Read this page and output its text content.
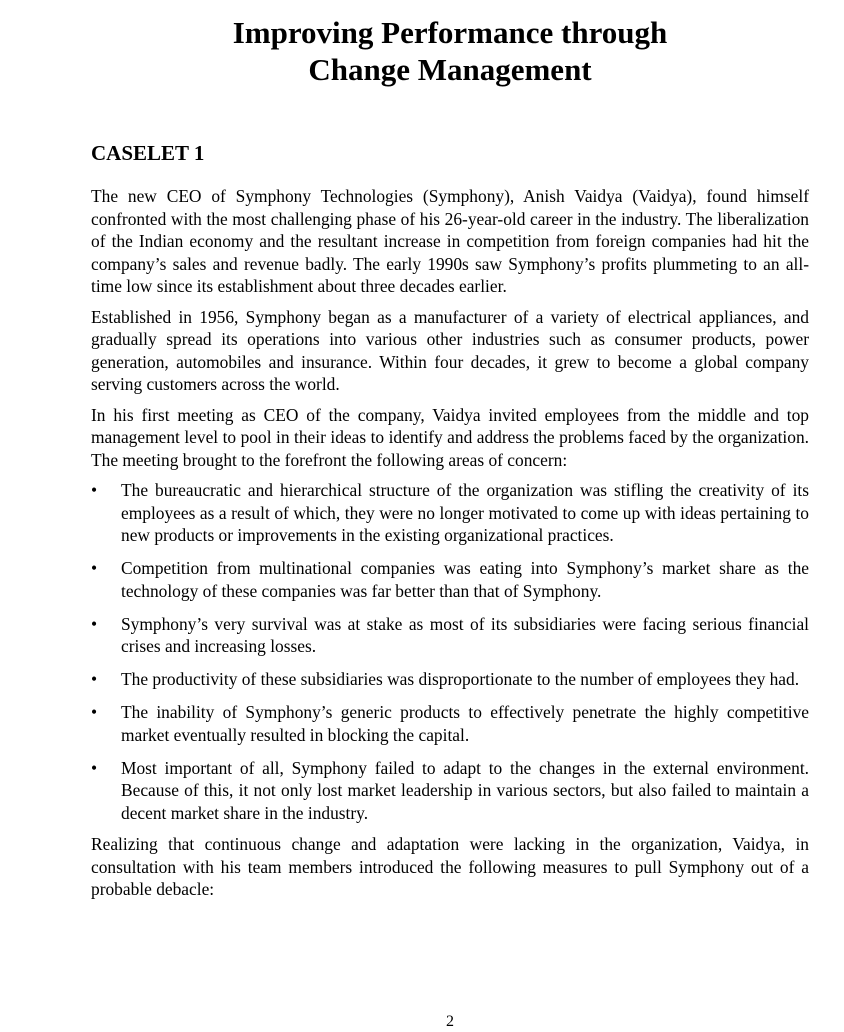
Improving Performance through
Change Management
CASELET 1

The new CEO of Symphony Technologies (Symphony), Anish Vaidya (Vaidya), found himself confronted with the most challenging phase of his 26-year-old career in the industry. The liberalization of the Indian economy and the resultant increase in competition from foreign companies had hit the company’s sales and revenue badly. The early 1990s saw Symphony’s profits plummeting to an all-time low since its establishment about three decades earlier.

Established in 1956, Symphony began as a manufacturer of a variety of electrical appliances, and gradually spread its operations into various other industries such as consumer products, power generation, automobiles and insurance. Within four decades, it grew to become a global company serving customers across the world.

In his first meeting as CEO of the company, Vaidya invited employees from the middle and top management level to pool in their ideas to identify and address the problems faced by the organization. The meeting brought to the forefront the following areas of concern:

• The bureaucratic and hierarchical structure of the organization was stifling the creativity of its employees as a result of which, they were no longer motivated to come up with ideas pertaining to new products or improvements in the existing organizational practices.
• Competition from multinational companies was eating into Symphony’s market share as the technology of these companies was far better than that of Symphony.
• Symphony’s very survival was at stake as most of its subsidiaries were facing serious financial crises and increasing losses.
• The productivity of these subsidiaries was disproportionate to the number of employees they had.
• The inability of Symphony’s generic products to effectively penetrate the highly competitive market eventually resulted in blocking the capital.
• Most important of all, Symphony failed to adapt to the changes in the external environment. Because of this, it not only lost market leadership in various sectors, but also failed to maintain a decent market share in the industry.

Realizing that continuous change and adaptation were lacking in the organization, Vaidya, in consultation with his team members introduced the following measures to pull Symphony out of a probable debacle:

2
